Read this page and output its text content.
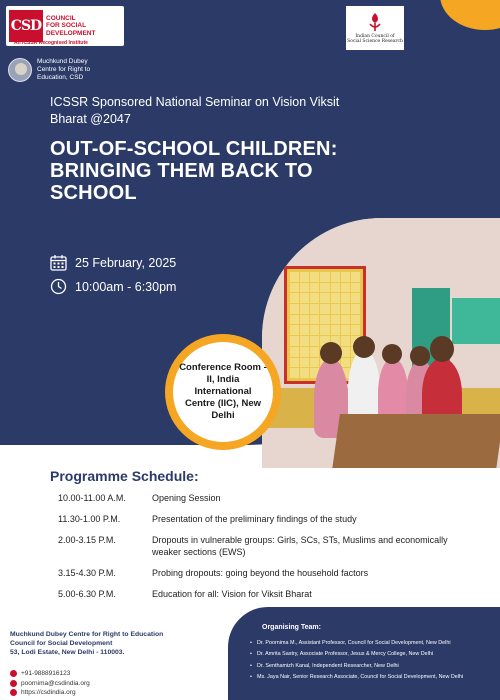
CSD COUNCIL
FOR SOCIAL
DEVELOPMENT
An ICSSR Recognised Institute
Indian Council of
Social Science Research
Muchkund Dubey
Centre for Right to
Education, CSD
ICSSR Sponsored National Seminar on Vision Viksit Bharat @2047
OUT-OF-SCHOOL CHILDREN: BRINGING THEM BACK TO SCHOOL
25 February, 2025
10:00am - 6:30pm
Conference Room - II, India International Centre (IIC), New Delhi
Programme Schedule:
10.00-11.00 A.M.	Opening Session
11.30-1.00 P.M.	Presentation of the preliminary findings of the study
2.00-3.15 P.M.	Dropouts in vulnerable groups: Girls, SCs, STs, Muslims and economically weaker sections (EWS)
3.15-4.30 P.M.	Probing dropouts: going beyond the household factors
5.00-6.30 P.M.	Education for all: Vision for Viksit Bharat
Muchkund Dubey Centre for Right to Education
Council for Social Development
53, Lodi Estate, New Delhi - 110003.
+91-9888916123
poornima@csdindia.org
https://csdindia.org
Organising Team:
• Dr. Poornima M., Assistant Professor, Council for Social Development, New Delhi
• Dr. Amrita Sastry, Associate Professor, Jesus & Mercy College, New Delhi
• Dr. Senthamizh Kanal, Independent Researcher, New Delhi
• Ms. Jaya Nair, Senior Research Associate, Council for Social Development, New Delhi
